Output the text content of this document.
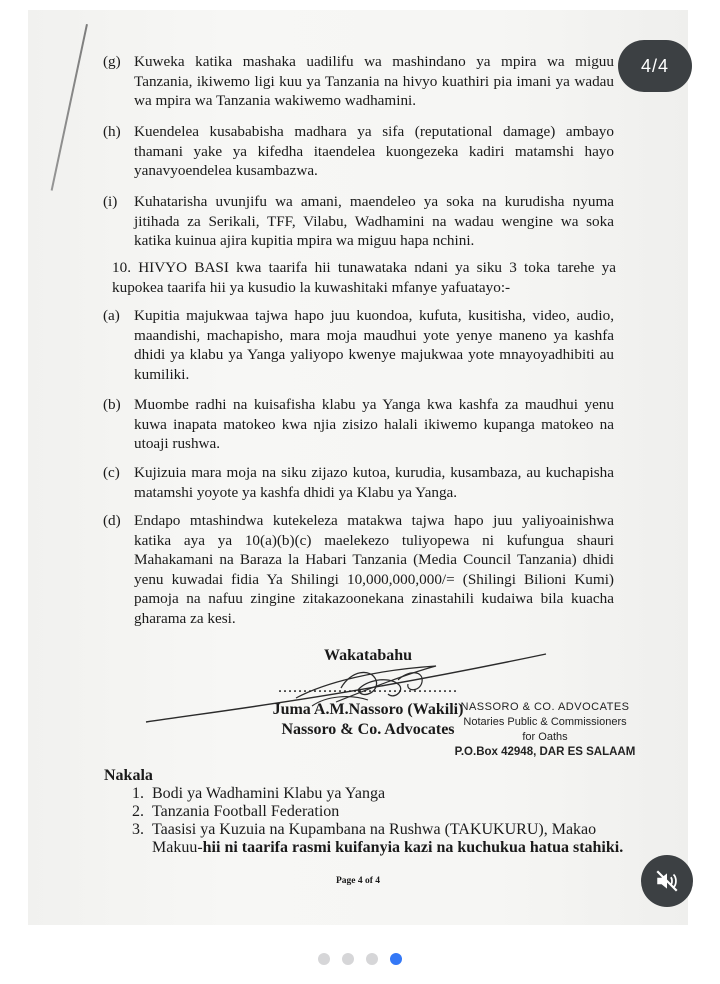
(g) Kuweka katika mashaka uadilifu wa mashindano ya mpira wa miguu Tanzania, ikiwemo ligi kuu ya Tanzania na hivyo kuathiri pia imani ya wadau wa mpira wa Tanzania wakiwemo wadhamini.
(h) Kuendelea kusababisha madhara ya sifa (reputational damage) ambayo thamani yake ya kifedha itaendelea kuongezeka kadiri matamshi hayo yanavyoendelea kusambazwa.
(i)	Kuhatarisha uvunjifu wa amani, maendeleo ya soka na kurudisha nyuma jitihada za Serikali, TFF, Vilabu, Wadhamini na wadau wengine wa soka katika kuinua ajira kupitia mpira wa miguu hapa nchini.
10. HIVYO BASI kwa taarifa hii tunawataka ndani ya siku 3 toka tarehe ya kupokea taarifa hii ya kusudio la kuwashitaki mfanye yafuatayo:-
(a) Kupitia majukwaa tajwa hapo juu kuondoa, kufuta, kusitisha, video, audio, maandishi, machapisho, mara moja maudhui yote yenye maneno ya kashfa dhidi ya klabu ya Yanga yaliyopo kwenye majukwaa yote mnayoyadhibiti au kumiliki.
(b) Muombe radhi na kuisafisha klabu ya Yanga kwa kashfa za maudhui yenu kuwa inapata matokeo kwa njia zisizo halali ikiwemo kupanga matokeo na utoaji rushwa.
(c) Kujizuia mara moja na siku zijazo kutoa, kurudia, kusambaza, au kuchapisha matamshi yoyote ya kashfa dhidi ya Klabu ya Yanga.
(d) Endapo mtashindwa kutekeleza matakwa tajwa hapo juu yaliyoainishwa katika aya ya 10(a)(b)(c) maelekezo tuliyopewa ni kufungua shauri Mahakamani na Baraza la Habari Tanzania (Media Council Tanzania) dhidi yenu kuwadai fidia Ya Shilingi 10,000,000,000/= (Shilingi Bilioni Kumi) pamoja na nafuu zingine zitakazoonekana zinastahili kudaiwa bila kuacha gharama za kesi.
Wakatabahu
....................................
Juma A.M.Nassoro (Wakili)
Nassoro & Co. Advocates
NASSORO & CO. ADVOCATES
Notaries Public & Commissioners
for Oaths
P.O.Box 42948, DAR ES SALAAM
Nakala
1. Bodi ya Wadhamini Klabu ya Yanga
2. Tanzania Football Federation
3. Taasisi ya Kuzuia na Kupambana na Rushwa (TAKUKURU), Makao Makuu-hii ni taarifa rasmi kuifanyia kazi na kuchukua hatua stahiki.
Page 4 of 4
4/4
